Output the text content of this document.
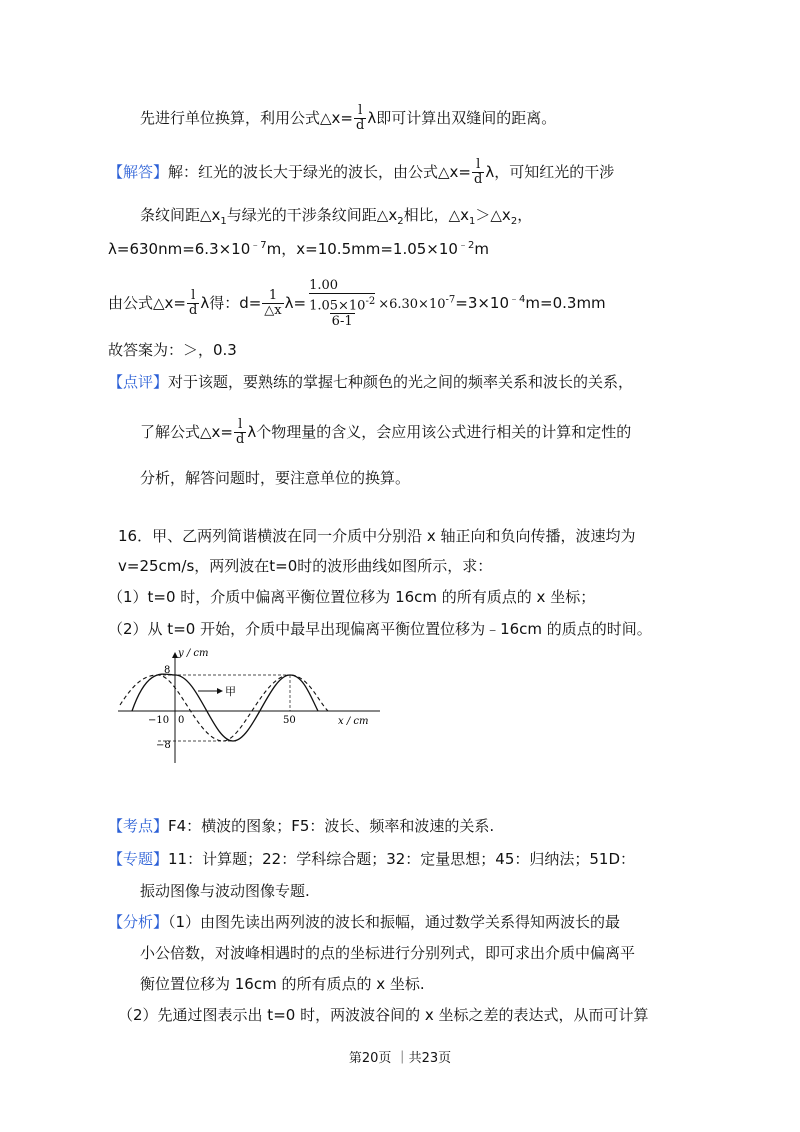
先进行单位换算，利用公式△x= $\frac{l}{d}$ λ即可计算出双缝间的距离。
【解答】解：红光的波长大于绿光的波长，由公式△x= $\frac{l}{d}$ λ，可知红光的干涉
条纹间距$\triangle x_1$与绿光的干涉条纹间距$\triangle x_2$相比，$\triangle x_1>\triangle x_2$，
$\lambda=630nm=6.3\times 10^{﹣7}m$，$x=10.5mm=1.05\times 10^{﹣2}m$
由公式△x= $\frac{l}{d}$ λ得：$d= \frac{1}{\triangle x} \lambda= \frac{1.00}{1.05\times 10^{-2}}$
6-1
$\times 6.30\times 10^{-7}=3\times 10^{﹣4}m=0.3mm$
故答案为：＞，0.3
【点评】对于该题，要熟练的掌握七种颜色的光之间的频率关系和波长的关系，
了解公式△x= $\frac{l}{d}$ λ个物理量的含义，会应用该公式进行相关的计算和定性的
分析，解答问题时，要注意单位的换算。
16．甲、乙两列简谐横波在同一介质中分别沿 x 轴正向和负向传播，波速均为
v=25cm/s，两列波在t=0时的波形曲线如图所示，求：
（1）t=0 时，介质中偏离平衡位置位移为 16cm 的所有质点的 x 坐标；
（2）从 t=0 开始，介质中最早出现偏离平衡位置位移为﹣16cm 的质点的时间。
甲
y / cm
x / cm
8
−8
−10 0	50
【考点】F4：横波的图象；F5：波长、频率和波速的关系.
【专题】11：计算题；22：学科综合题；32：定量思想；45：归纳法；51D：
振动图像与波动图像专题.
【分析】（1）由图先读出两列波的波长和振幅，通过数学关系得知两波长的最
小公倍数，对波峰相遇时的点的坐标进行分别列式，即可求出介质中偏离平
衡位置位移为 16cm 的所有质点的 x 坐标.
（2）先通过图表示出 t=0 时，两波波谷间的 x 坐标之差的表达式，从而可计算
第20页 ｜共23页
